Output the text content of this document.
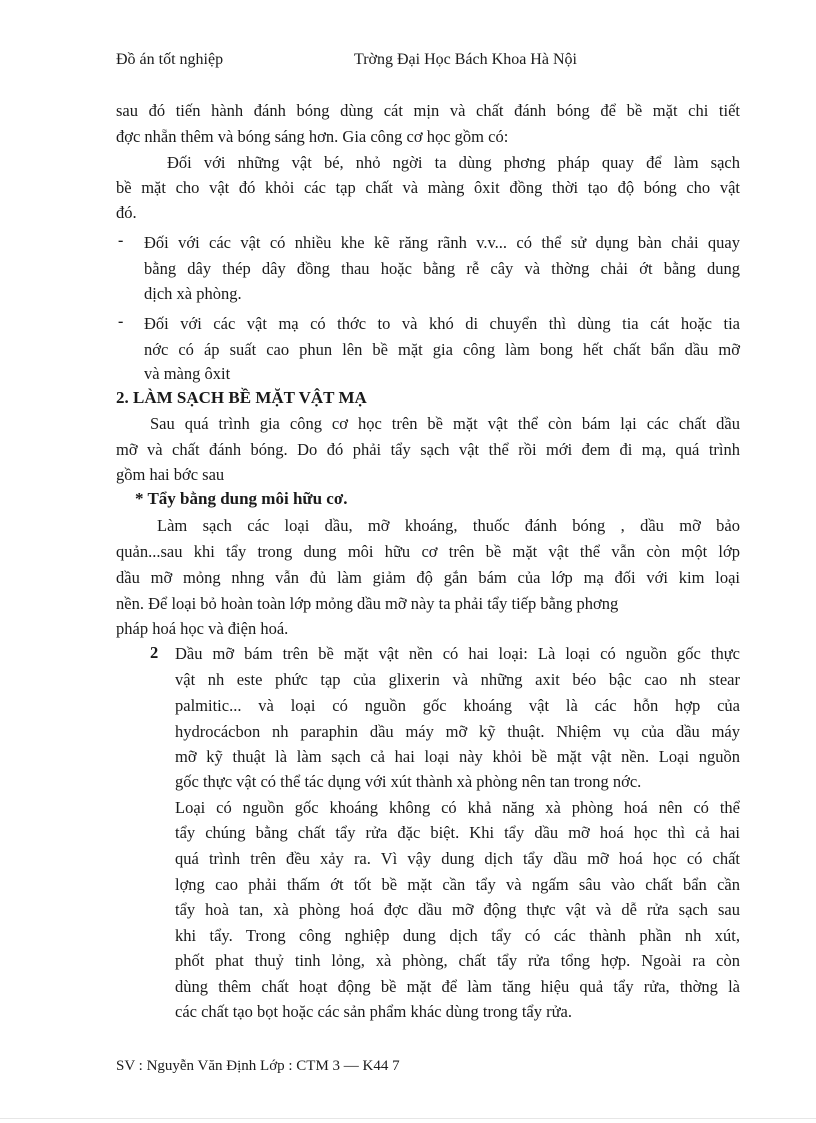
Đồ án tốt nghiệp	Trờng Đại Học Bách Khoa Hà Nội
sau đó tiến hành đánh bóng dùng cát mịn và chất đánh bóng để bề mặt chi tiết
đợc nhẵn thêm và bóng sáng hơn. Gia công cơ học gồm có:
Đối với những vật bé, nhỏ ngời ta dùng phơng pháp quay để làm sạch
bề mặt cho vật đó khỏi các tạp chất và màng ôxit đồng thời tạo độ bóng cho vật
đó.
- Đối với các vật có nhiều khe kẽ răng rãnh v.v... có thể sử dụng bàn chải quay
bằng dây thép dây đồng thau hoặc bằng rễ cây và thờng chải ớt bằng dung
dịch xà phòng.
- Đối với các vật mạ có thớc to và khó di chuyển thì dùng tia cát hoặc tia
nớc có áp suất cao phun lên bề mặt gia công làm bong hết chất bẩn dầu mỡ
và màng ôxit
2. LÀM SẠCH BỀ MẶT VẬT MẠ
Sau quá trình gia công cơ học trên bề mặt vật thể còn bám lại các chất dầu
mỡ và chất đánh bóng. Do đó phải tẩy sạch vật thể rồi mới đem đi mạ, quá trình
gồm hai bớc sau
* Tẩy bằng dung môi hữu cơ.
Làm sạch các loại dầu, mỡ khoáng, thuốc đánh bóng , dầu mỡ bảo
quản...sau khi tẩy trong dung môi hữu cơ trên bề mặt vật thể vẫn còn một lớp
dầu mỡ mỏng nhng vẫn đủ làm giảm độ gắn bám của lớp mạ đối với kim loại
nền. Để loại bỏ hoàn toàn lớp mỏng dầu mỡ này ta phải tẩy tiếp bằng phơng
pháp hoá học và điện hoá.
2 Dầu mỡ bám trên bề mặt vật nền có hai loại: Là loại có nguồn gốc thực
vật nh este phức tạp của glixerin và những axit béo bậc cao nh stear
palmitic... và loại có nguồn gốc khoáng vật là các hỗn hợp của
hydrocácbon nh paraphin dầu máy mỡ kỹ thuật. Nhiệm vụ của dầu máy
mỡ kỹ thuật là làm sạch cả hai loại này khỏi bề mặt vật nền. Loại nguồn
gốc thực vật có thể tác dụng với xút thành xà phòng nên tan trong nớc.
Loại có nguồn gốc khoáng không có khả năng xà phòng hoá nên có thể
tẩy chúng bằng chất tẩy rửa đặc biệt. Khi tẩy dầu mỡ hoá học thì cả hai
quá trình trên đều xảy ra. Vì vậy dung dịch tẩy dầu mỡ hoá học có chất
lợng cao phải thấm ớt tốt bề mặt cần tẩy và ngấm sâu vào chất bẩn cần
tẩy hoà tan, xà phòng hoá đợc dầu mỡ động thực vật và dễ rửa sạch sau
khi tẩy. Trong công nghiệp dung dịch tẩy có các thành phần nh xút,
phốt phat thuỷ tinh lỏng, xà phòng, chất tẩy rửa tổng hợp. Ngoài ra còn
dùng thêm chất hoạt động bề mặt để làm tăng hiệu quả tẩy rửa, thờng là
các chất tạo bọt hoặc các sản phẩm khác dùng trong tẩy rửa.
SV : Nguyễn Văn Định Lớp : CTM 3 — K44 7
